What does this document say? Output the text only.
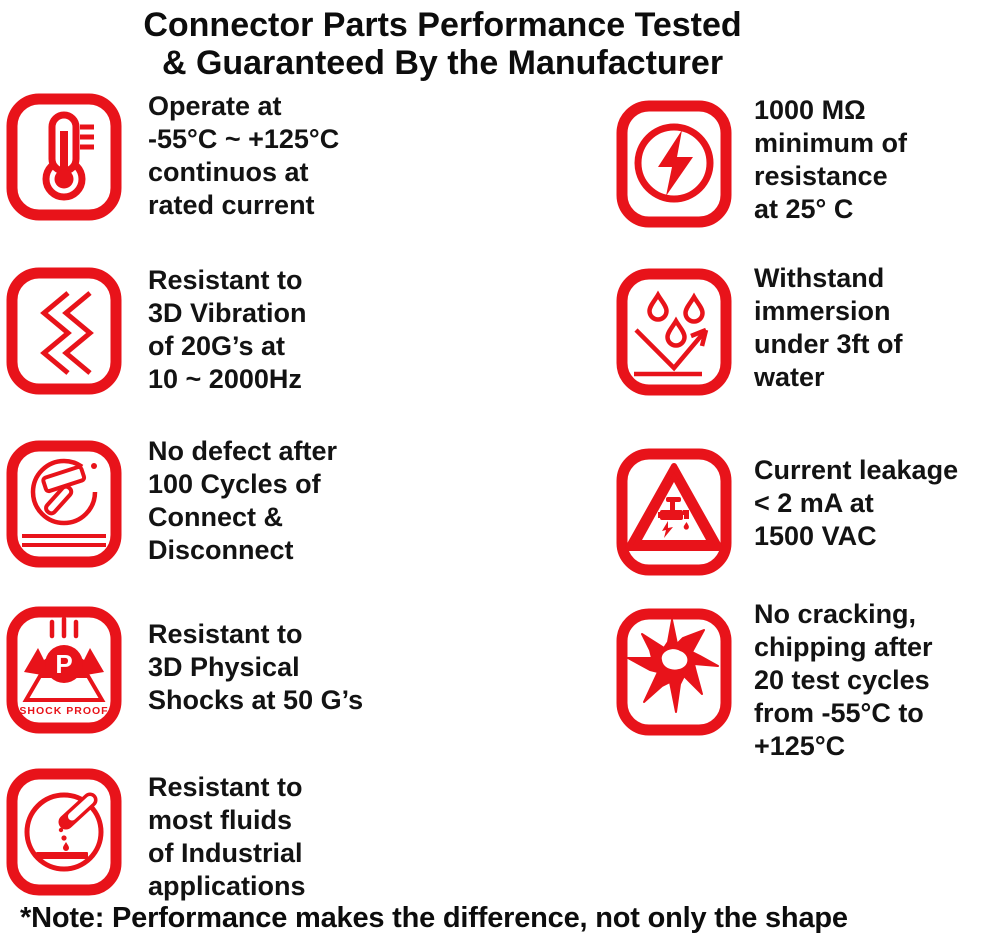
Connector Parts Performance Tested
& Guaranteed By the Manufacturer
Operate at
-55°C ~ +125°C
continuos at
rated current
1000 MΩ
minimum of
resistance
at 25° C
Resistant to
3D Vibration
of 20G’s at
10 ~ 2000Hz
Withstand
immersion
under 3ft of
water
No defect after
100 Cycles of
Connect &
Disconnect
Current leakage
< 2 mA at
1500 VAC
P
SHOCK PROOF
Resistant to
3D Physical
Shocks at 50 G’s
No cracking,
chipping after
20 test cycles
from -55°C to
+125°C
Resistant to
most fluids
of Industrial
applications
*Note: Performance makes the difference, not only the shape
